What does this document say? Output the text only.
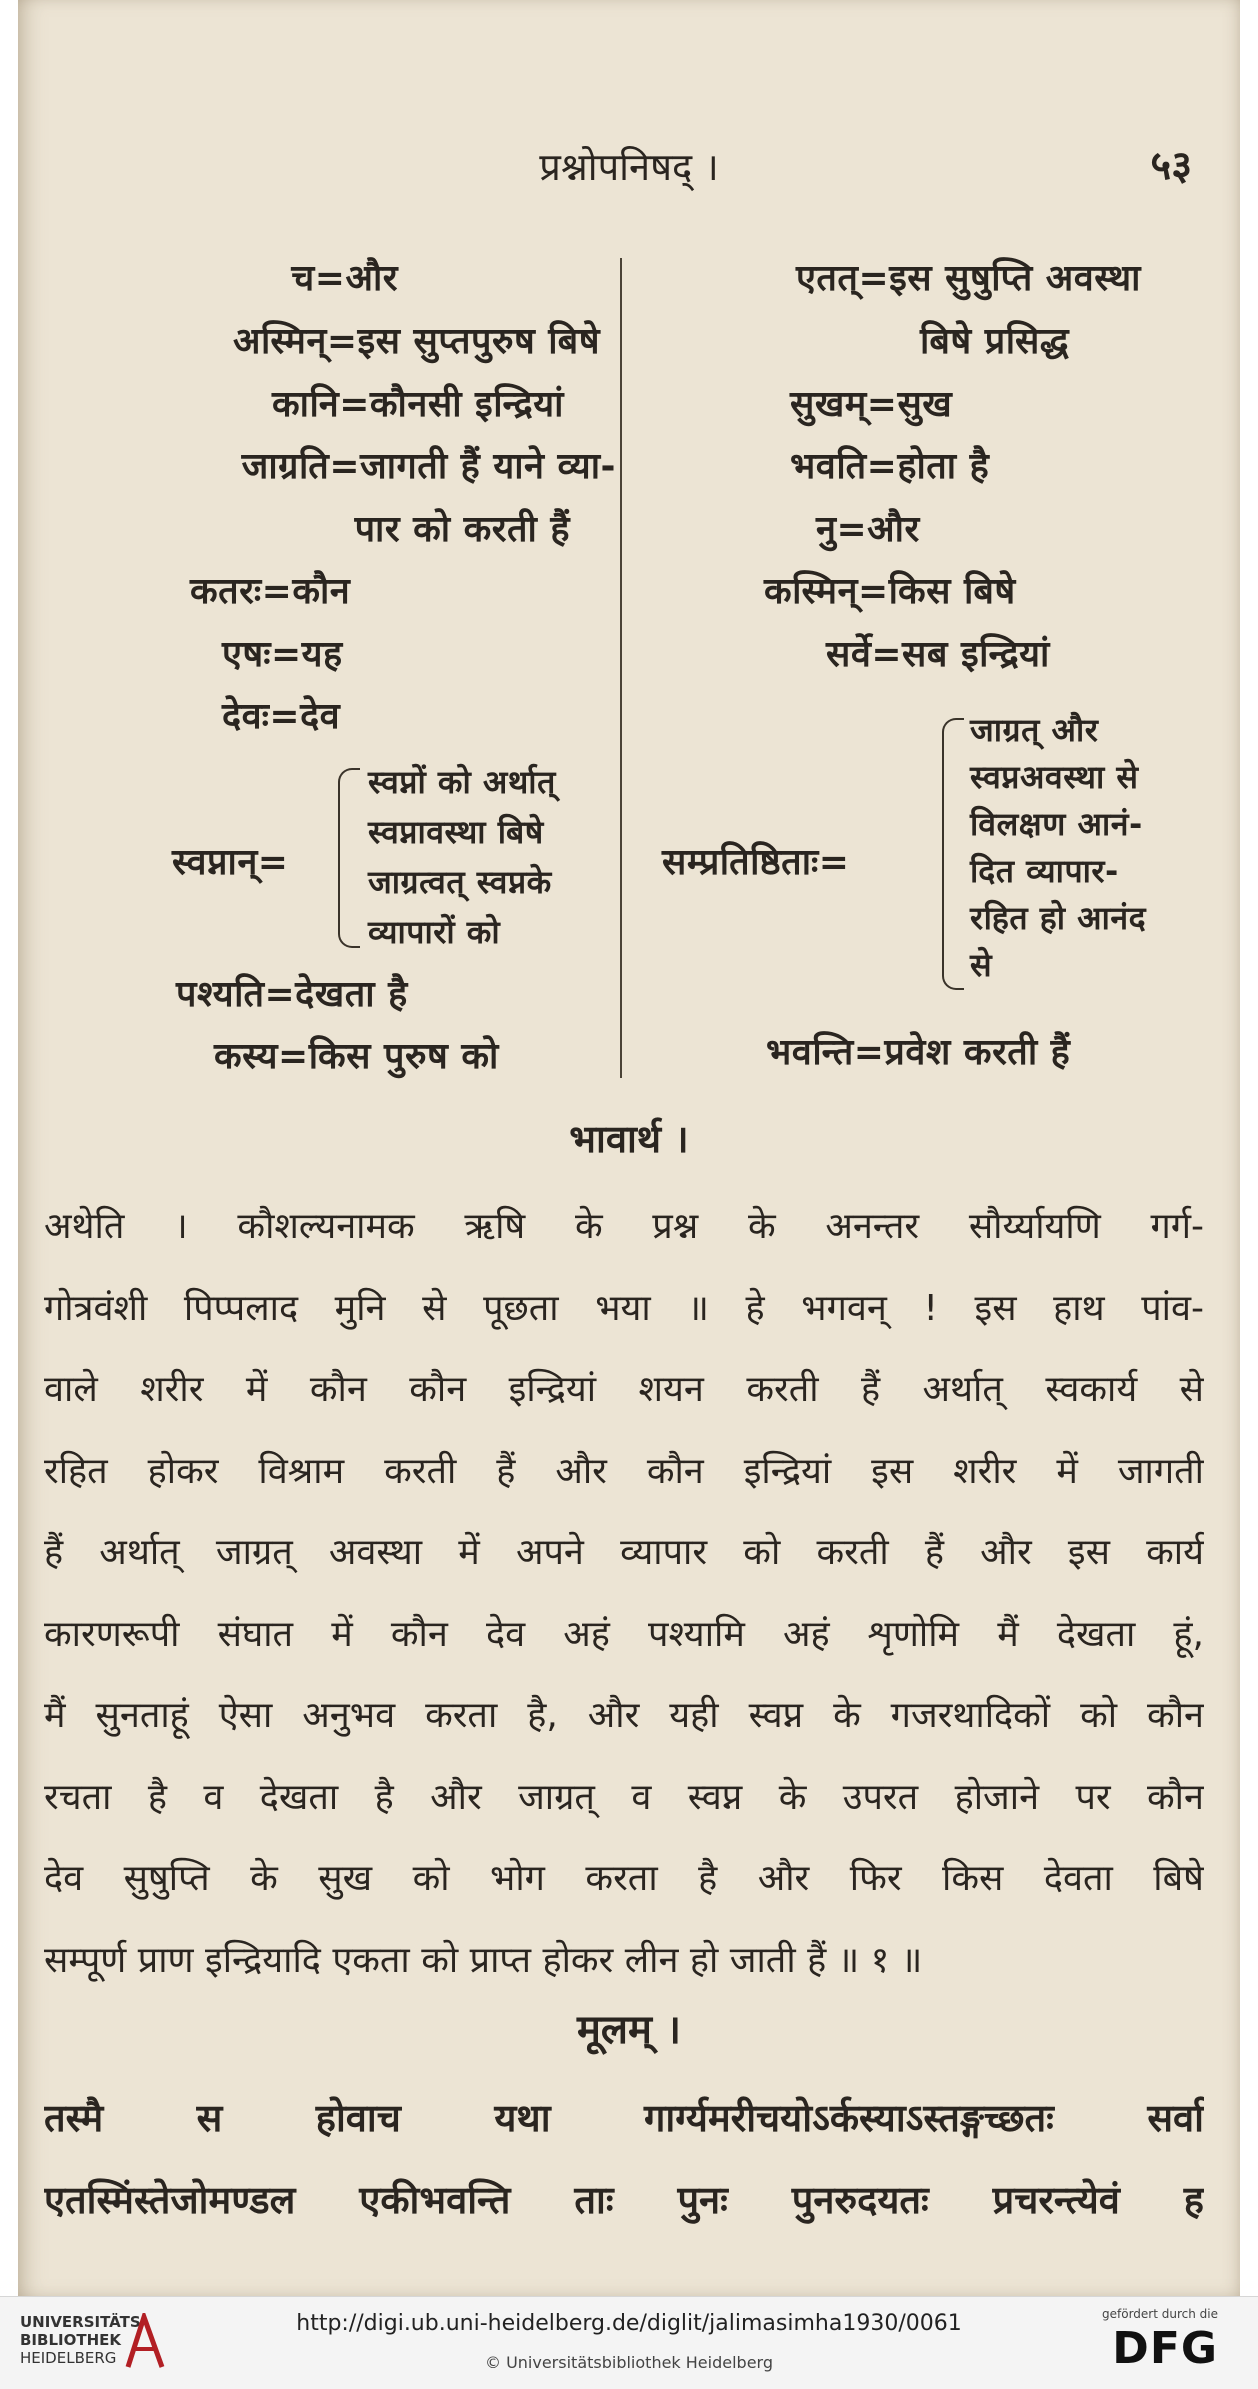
प्रश्नोपनिषद् ।	५३
च=और
अस्मिन्=इस सुप्तपुरुष बिषे
कानि=कौनसी इन्द्रियां
जाग्रति=जागती हैं याने व्या-
पार को करती हैं
कतरः=कौन
एषः=यह
देवः=देव
स्वप्नान्=
स्वप्नों को अर्थात्
स्वप्नावस्था बिषे
जाग्रत्वत् स्वप्नके
व्यापारों को
पश्यति=देखता है
कस्य=किस पुरुष को
एतत्=इस सुषुप्ति अवस्था
बिषे प्रसिद्ध
सुखम्=सुख
भवति=होता है
नु=और
कस्मिन्=किस बिषे
सर्वे=सब इन्द्रियां
सम्प्रतिष्ठिताः=
जाग्रत् और
स्वप्नअवस्था से
विलक्षण आनं-
दित व्यापार-
रहित हो आनंद
से
भवन्ति=प्रवेश करती हैं
भावार्थ ।
अथेति । कौशल्यनामक ऋषि के प्रश्न के अनन्तर सौर्य्यायणि गर्ग-
गोत्रवंशी पिप्पलाद मुनि से पूछता भया ॥ हे भगवन् ! इस हाथ पांव-
वाले शरीर में कौन कौन इन्द्रियां शयन करती हैं अर्थात् स्वकार्य से
रहित होकर विश्राम करती हैं और कौन इन्द्रियां इस शरीर में जागती
हैं अर्थात् जाग्रत् अवस्था में अपने व्यापार को करती हैं और इस कार्य
कारणरूपी संघात में कौन देव अहं पश्यामि अहं शृणोमि मैं देखता हूं,
मैं सुनताहूं ऐसा अनुभव करता है, और यही स्वप्न के गजरथादिकों को कौन
रचता है व देखता है और जाग्रत् व स्वप्न के उपरत होजाने पर कौन
देव सुषुप्ति के सुख को भोग करता है और फिर किस देवता बिषे
सम्पूर्ण प्राण इन्द्रियादि एकता को प्राप्त होकर लीन हो जाती हैं ॥ १ ॥
मूलम् ।
तस्मै स होवाच यथा गार्ग्यमरीचयोऽर्कस्याऽस्तङ्गच्छतः सर्वा
एतस्मिंस्तेजोमण्डल एकीभवन्ति ताः पुनः पुनरुदयतः प्रचरन्त्येवं ह
UNIVERSITÄTS-
BIBLIOTHEK
HEIDELBERG
http://digi.ub.uni-heidelberg.de/diglit/jalimasimha1930/0061
© Universitätsbibliothek Heidelberg
gefördert durch die
DFG
